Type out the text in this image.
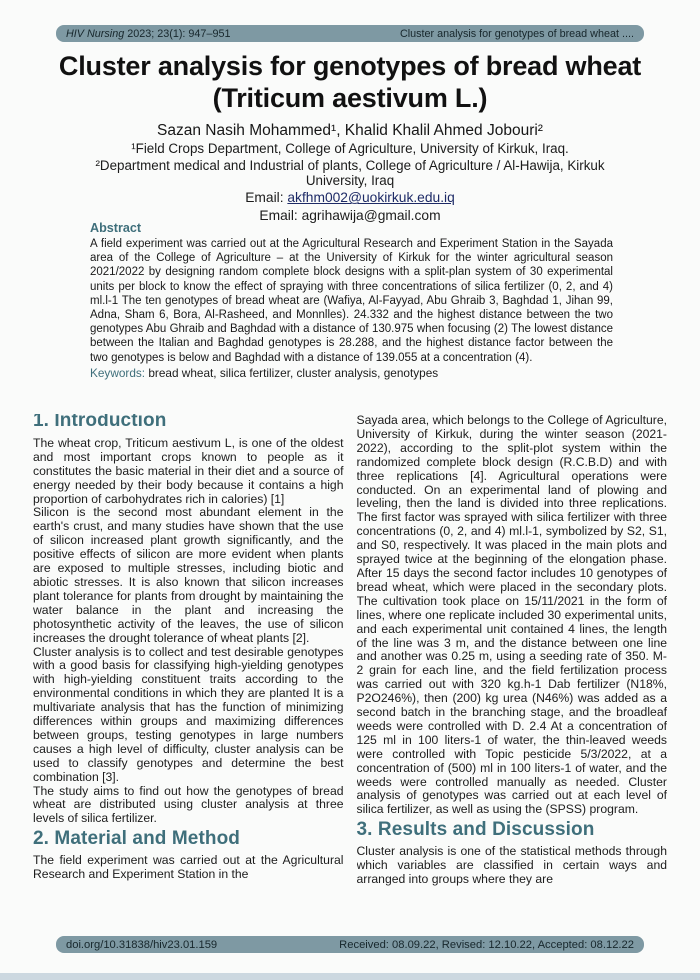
HIV Nursing 2023; 23(1): 947–951	Cluster analysis for genotypes of bread wheat ....
Cluster analysis for genotypes of bread wheat
(Triticum aestivum L.)
Sazan Nasih Mohammed¹, Khalid Khalil Ahmed Jobouri²
¹Field Crops Department, College of Agriculture, University of Kirkuk, Iraq.
²Department medical and Industrial of plants, College of Agriculture / Al-Hawija, Kirkuk University, Iraq
Email: akfhm002@uokirkuk.edu.iq
Email: agrihawija@gmail.com
Abstract
A field experiment was carried out at the Agricultural Research and Experiment Station in the Sayada area of the College of Agriculture – at the University of Kirkuk for the winter agricultural season 2021/2022 by designing random complete block designs with a split-plan system of 30 experimental units per block to know the effect of spraying with three concentrations of silica fertilizer (0, 2, and 4) ml.l-1 The ten genotypes of bread wheat are (Wafiya, Al-Fayyad, Abu Ghraib 3, Baghdad 1, Jihan 99, Adna, Sham 6, Bora, Al-Rasheed, and Monnlles). 24.332 and the highest distance between the two genotypes Abu Ghraib and Baghdad with a distance of 130.975 when focusing (2) The lowest distance between the Italian and Baghdad genotypes is 28.288, and the highest distance factor between the two genotypes is below and Baghdad with a distance of 139.055 at a concentration (4).
Keywords: bread wheat, silica fertilizer, cluster analysis, genotypes
1. Introduction

The wheat crop, Triticum aestivum L, is one of the oldest and most important crops known to people as it constitutes the basic material in their diet and a source of energy needed by their body because it contains a high proportion of carbohydrates rich in calories) [1]

Silicon is the second most abundant element in the earth's crust, and many studies have shown that the use of silicon increased plant growth significantly, and the positive effects of silicon are more evident when plants are exposed to multiple stresses, including biotic and abiotic stresses. It is also known that silicon increases plant tolerance for plants from drought by maintaining the water balance in the plant and increasing the photosynthetic activity of the leaves, the use of silicon increases the drought tolerance of wheat plants [2].

Cluster analysis is to collect and test desirable genotypes with a good basis for classifying high-yielding genotypes with high-yielding constituent traits according to the environmental conditions in which they are planted It is a multivariate analysis that has the function of minimizing differences within groups and maximizing differences between groups, testing genotypes in large numbers causes a high level of difficulty, cluster analysis can be used to classify genotypes and determine the best combination [3].

The study aims to find out how the genotypes of bread wheat are distributed using cluster analysis at three levels of silica fertilizer.

2. Material and Method

The field experiment was carried out at the Agricultural Research and Experiment Station in the

Sayada area, which belongs to the College of Agriculture, University of Kirkuk, during the winter season (2021-2022), according to the split-plot system within the randomized complete block design (R.C.B.D) and with three replications [4]. Agricultural operations were conducted. On an experimental land of plowing and leveling, then the land is divided into three replications. The first factor was sprayed with silica fertilizer with three concentrations (0, 2, and 4) ml.l-1, symbolized by S2, S1, and S0, respectively. It was placed in the main plots and sprayed twice at the beginning of the elongation phase. After 15 days the second factor includes 10 genotypes of bread wheat, which were placed in the secondary plots. The cultivation took place on 15/11/2021 in the form of lines, where one replicate included 30 experimental units, and each experimental unit contained 4 lines, the length of the line was 3 m, and the distance between one line and another was 0.25 m, using a seeding rate of 350. M-2 grain for each line, and the field fertilization process was carried out with 320 kg.h-1 Dab fertilizer (N18%, P2O246%), then (200) kg urea (N46%) was added as a second batch in the branching stage, and the broadleaf weeds were controlled with D. 2.4 At a concentration of 125 ml in 100 liters-1 of water, the thin-leaved weeds were controlled with Topic pesticide 5/3/2022, at a concentration of (500) ml in 100 liters-1 of water, and the weeds were controlled manually as needed. Cluster analysis of genotypes was carried out at each level of silica fertilizer, as well as using the (SPSS) program.

3. Results and Discussion

Cluster analysis is one of the statistical methods through which variables are classified in certain ways and arranged into groups where they are

doi.org/10.31838/hiv23.01.159	Received: 08.09.22, Revised: 12.10.22, Accepted: 08.12.22
